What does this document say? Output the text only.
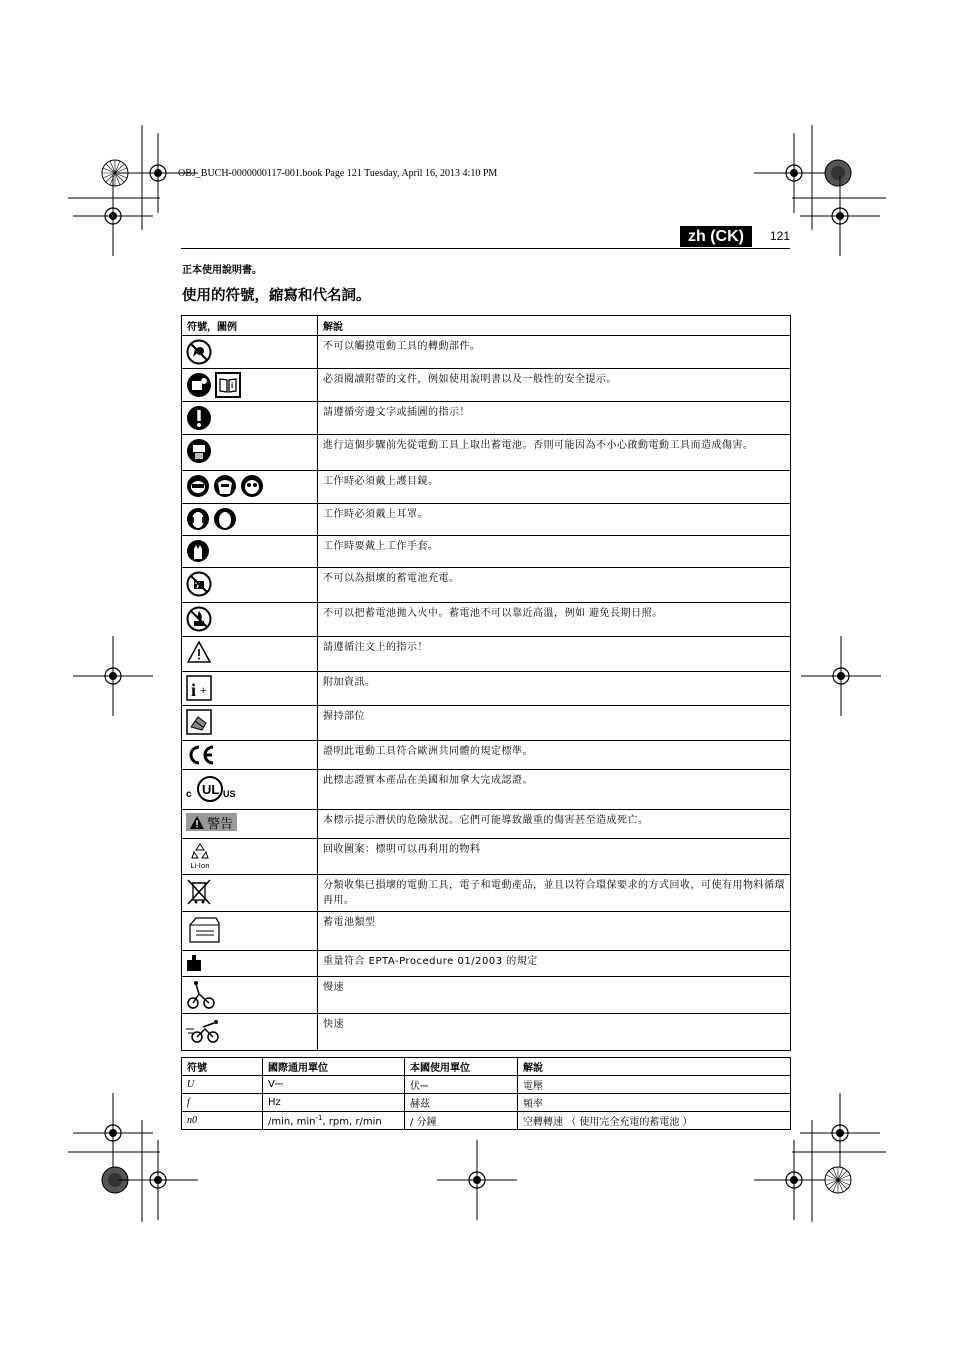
OBJ_BUCH-0000000117-001.book Page 121 Tuesday, April 16, 2013 4:10 PM
zh (CK)	121
正本使用說明書。
使用的符號，縮寫和代名詞。
符號，圖例	解說
	不可以觸摸電動工具的轉動部件。

i	必須閱讀附帶的文件，例如使用說明書以及一般性的安全提示。
	請遵循旁邊文字或插圖的指示！
	進行這個步驟前先從電動工具上取出蓄電池。否則可能因為不小心啟動電動工具而造成傷害。
	工作時必須戴上護目鏡。
	工作時必須戴上耳罩。
	工作時要戴上工作手套。
	不可以為損壞的蓄電池充電。
	不可以把蓄電池拋入火中。蓄電池不可以靠近高溫，例如 避免長期日照。
	請遵循注文上的指示！

i +	附加資訊。
	握持部位
	證明此電動工具符合歐洲共同體的規定標準。

c UL US	此標志證實本產品在美國和加拿大完成認證。

警告	本標示提示潛伏的危險狀況。它們可能導致嚴重的傷害甚至造成死亡。

Li-Ion	回收圖案：標明可以再利用的物料
	分類收集已損壞的電動工具，電子和電動產品，並且以符合環保要求的方式回收，可使有用物料循環再用。
	蓄電池類型
	重量符合 EPTA-Procedure 01/2003 的規定
	慢速
	快速
符號	國際通用單位	本國使用單位	解說
U	V⎓	伏⎓	電壓
f	Hz	赫茲	頻率
n0	/min, $\min^{-1}$, rpm, r/min	/ 分鐘	空轉轉速 （ 使用完全充電的蓄電池 ）
